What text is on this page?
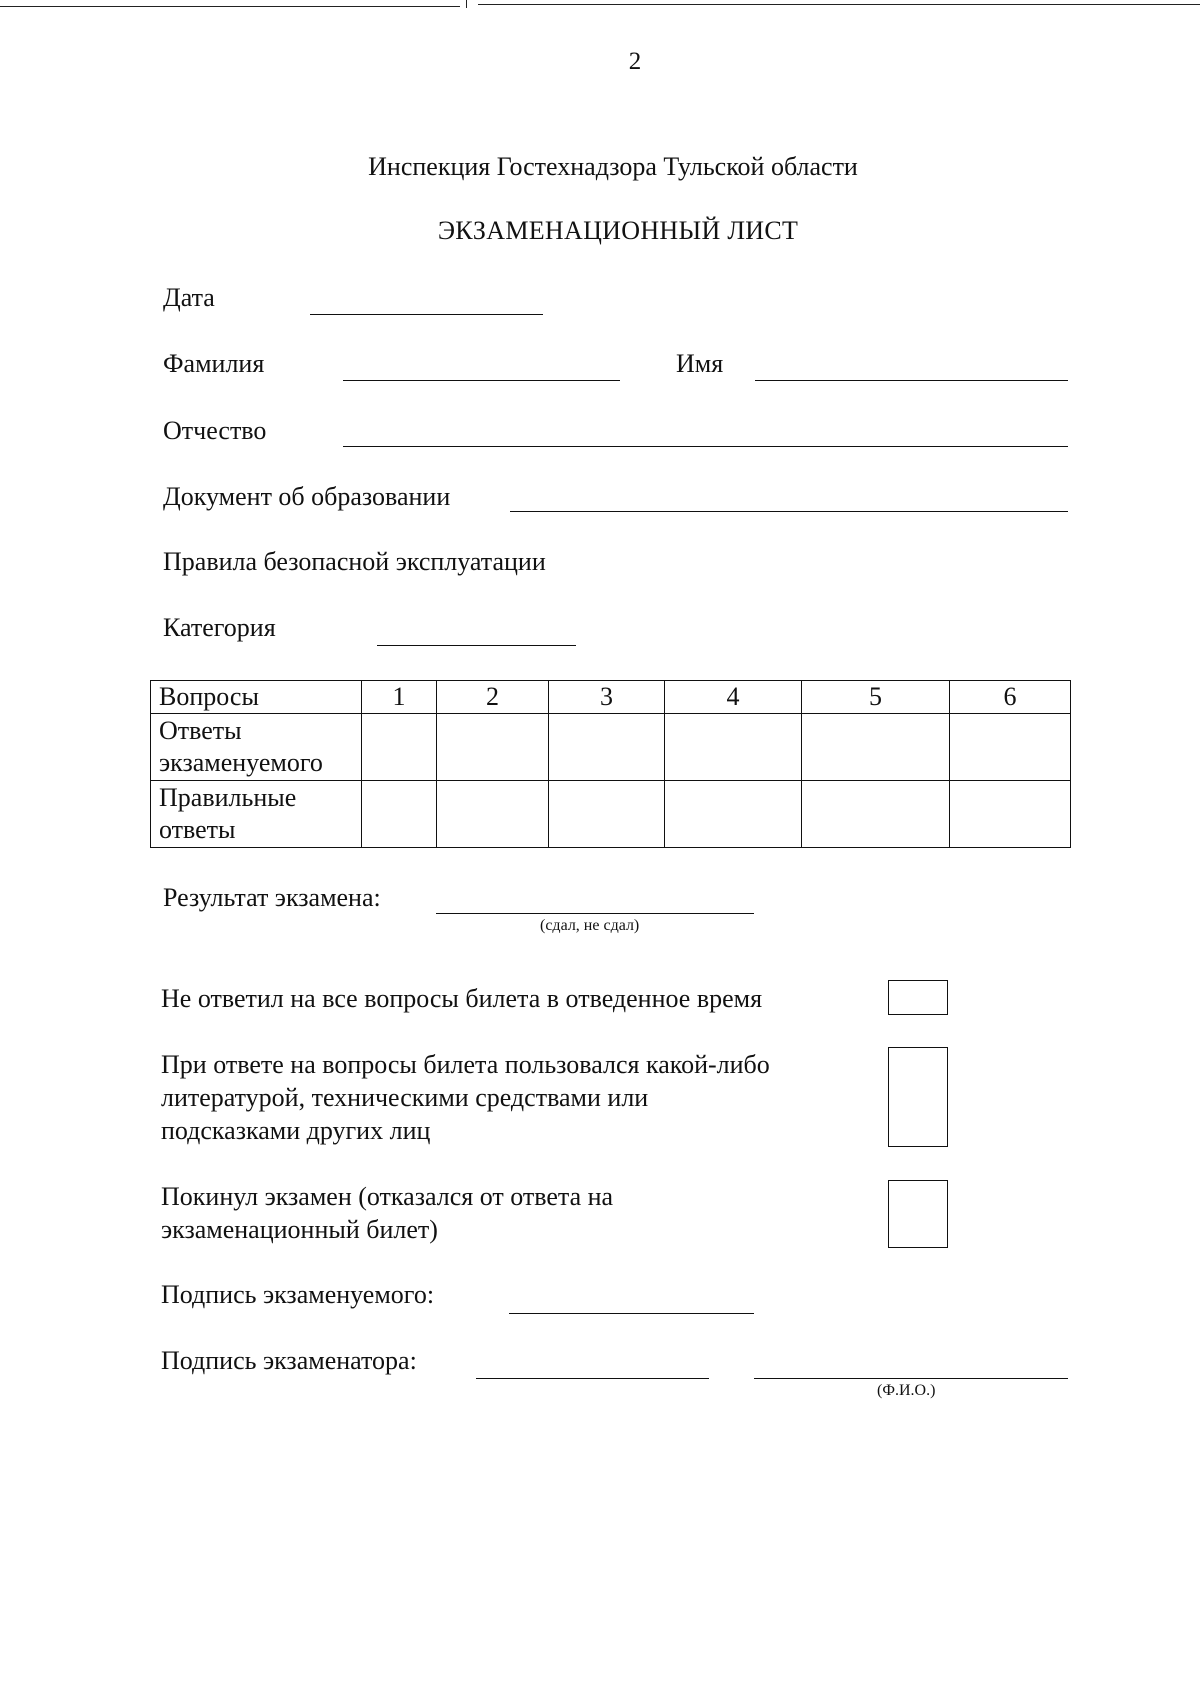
2
Инспекция Гостехнадзора Тульской области
ЭКЗАМЕНАЦИОННЫЙ ЛИСТ
Дата
Фамилия	Имя
Отчество
Документ об образовании
Правила безопасной эксплуатации
Категория
Вопросы	1	2	3	4	5	6
Ответы экзаменуемого						
Правильные ответы						
Результат экзамена:
(сдал, не сдал)
Не ответил на все вопросы билета в отведенное время
При ответе на вопросы билета пользовался какой-либо
литературой, техническими средствами или
подсказками других лиц
Покинул экзамен (отказался от ответа на
экзаменационный билет)
Подпись экзаменуемого:
Подпись экзаменатора:
(Ф.И.О.)
